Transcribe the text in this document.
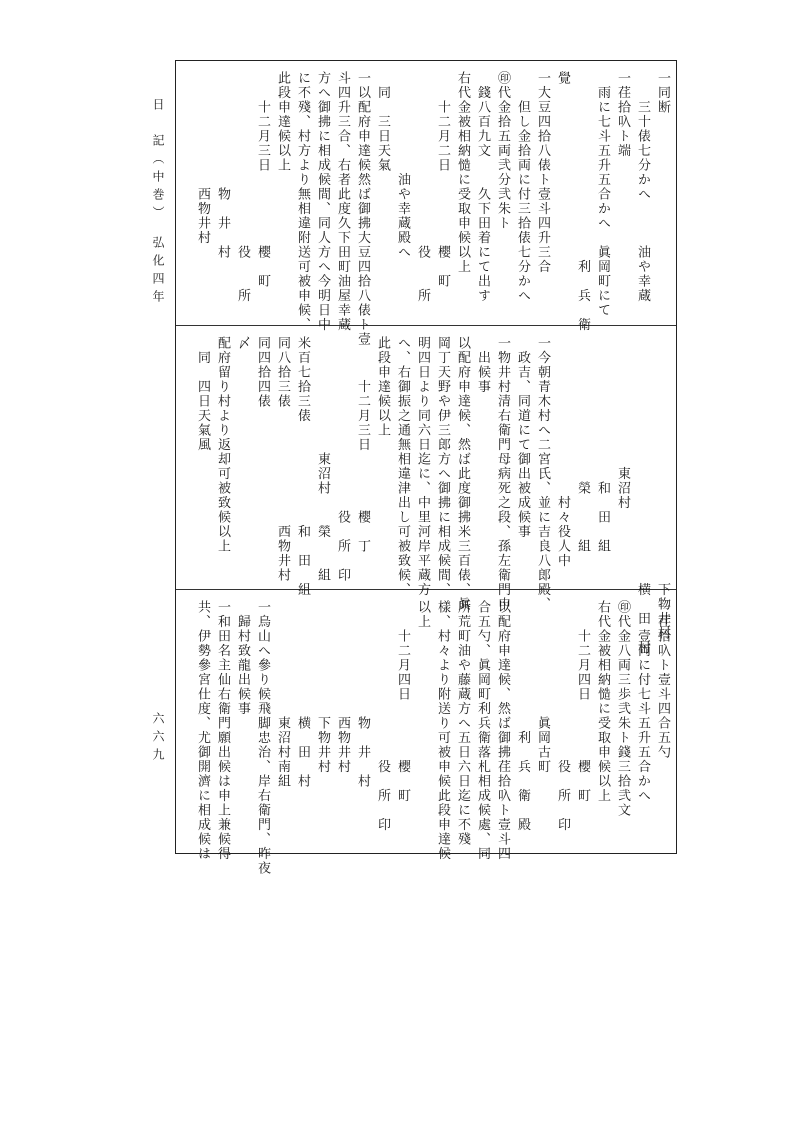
日　記（中巻）　弘化四年
六六九
一同断
　　三十俵七分かへ　　　油や幸蔵
一荏拾叺ト端
　雨に七斗五升五合かへ　眞岡町にて
　　　　　　　　　　　　　利　兵　衛
覺
一大豆四拾八俵ト壹斗四升三合
　　但し金拾両に付三拾俵七分かへ
㊞代金拾五両弐分弐朱ト
　錢八百九文　　久下田着にて出す
右代金被相納慥に受取申候以上
　　十二月二日　　　　　櫻　町
　　　　　　　　　　　　役　　所
　　　　　　　油や幸蔵殿へ
　同　三日天氣
一以配府申達候然ば御拂大豆四拾八俵ト壹
斗四升三合、右者此度久下田町油屋幸蔵
方へ御拂に相成候間、同人方へ今明日中
に不殘、村方より無相違附送可被申候、
此段申達候以上
　　十二月三日　　　　　櫻　町
　　　　　　　　　　　　役　　所
　　　　　　　　物　井　村
　　　　　　　　西物井村
　　　　　　　　　　　　　　　　　下物井村
　　　　　　　　　　　　　　　　　横　田　村
　　　　　　　　　東沼村
　　　　　　　　　　和　田　組
　　　　　　　　　　榮　　　組
　　　　　　　　　　　村々役人中
一今朝青木村へ二宮氏、並に吉良八郎殿、
　政吉、同道にて御出被成候事
一物井村清右衛門母病死之段、孫左衛門申
　出候事
以配府申達候、然ば此度御拂米三百俵、眞
岡丁天野や伊三郎方へ御拂に相成候間、
明四日より同六日迄に、中里河岸平蔵方
へ、右御振之通無相違津出し可被致候、
此段申達候以上
　　　十二月三日　　　　櫻　丁
　　　　　　　　　　　　役　所　印
　　　　　　　　東沼村　　榮　　組
米百七拾三俵　　　　　　　和　田　組
同八拾三俵　　　　　　　　西物井村
同四拾四俵
〆
配府留り村より返却可被致候以上
　同　四日天氣風
一荏拾叺ト壹斗四合五勺
　　壹両に付七斗五升五合かへ
㊞代金八両三歩弐朱ト錢三拾弐文
右代金被相納慥に受取申候以上
　　十二月四日　　　　櫻　町
　　　　　　　　　　　役　所　印
　　　　　　　　眞岡古町
　　　　　　　　　利　兵　衛　殿
以配府申達候、然ば御拂荏拾叺ト壹斗四
合五勺、眞岡町利兵衛落札相成候處、同
所荒町油や藤蔵方へ五日六日迄に不殘
樣、村々より附送り可被申候此段申達候
以上
　　十二月四日　　　　櫻　町
　　　　　　　　　　　役　所　印
　　　　　　　　物　井　村
　　　　　　　　西物井村
　　　　　　　　下物井村
　　　　　　　　横　田　村
　　　　　　　　東沼村南組
一烏山へ參り候飛脚忠治、岸右衛門、昨夜
　歸村致龍出候事
一和田名主仙右衛門願出候は申上兼候得
共、伊勢參宮仕度、尤御開濟に相成候は
